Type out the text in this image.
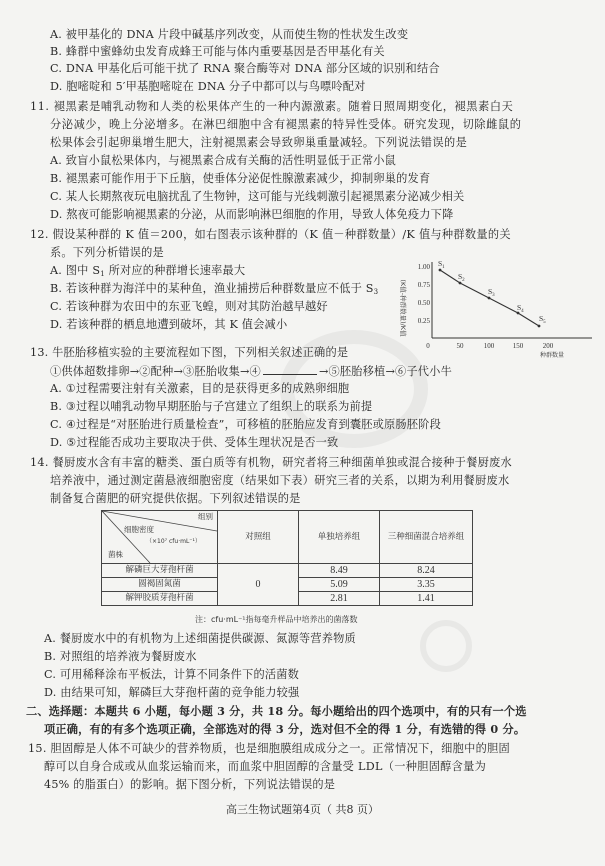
A. 被甲基化的 DNA 片段中碱基序列改变，从而使生物的性状发生改变
B. 蜂群中蜜蜂幼虫发育成蜂王可能与体内重要基因是否甲基化有关
C. DNA 甲基化后可能干扰了 RNA 聚合酶等对 DNA 部分区域的识别和结合
D. 胞嘧啶和 5′甲基胞嘧啶在 DNA 分子中都可以与鸟嘌呤配对
11. 褪黑素是哺乳动物和人类的松果体产生的一种内源激素。随着日照周期变化，褪黑素白天
分泌减少，晚上分泌增多。在淋巴细胞中含有褪黑素的特异性受体。研究发现，切除雌鼠的
松果体会引起卵巢增生肥大，注射褪黑素会导致卵巢重量减轻。下列说法错误的是
A. 致盲小鼠松果体内，与褪黑素合成有关酶的活性明显低于正常小鼠
B. 褪黑素可能作用于下丘脑，使垂体分泌促性腺激素减少，抑制卵巢的发育
C. 某人长期熬夜玩电脑扰乱了生物钟，这可能与光线刺激引起褪黑素分泌减少相关
D. 熬夜可能影响褪黑素的分泌，从而影响淋巴细胞的作用，导致人体免疫力下降
12. 假设某种群的 K 值＝200，如右图表示该种群的（K 值－种群数量）/K 值与种群数量的关
系。下列分析错误的是
A. 图中 $S_1$ 所对应的种群增长速率最大
B. 若该种群为海洋中的某种鱼，渔业捕捞后种群数量应不低于 $S_3$
C. 若该种群为农田中的东亚飞蝗，则对其防治越早越好
D. 若该种群的栖息地遭到破坏，其 K 值会减小	(K值-种群数量)/K值
1.00
0.75
0.50
0.25
0	50	100	150	200
种群数量
$S_1$
$S_2$
$S_3$
$S_4$
$S_5$
13. 牛胚胎移植实验的主要流程如下图，下列相关叙述正确的是
①供体超数排卵→②配种→③胚胎收集→④	→⑤胚胎移植→⑥子代小牛
A. ①过程需要注射有关激素，目的是获得更多的成熟卵细胞
B. ③过程以哺乳动物早期胚胎与子宫建立了组织上的联系为前提
C. ④过程是“对胚胎进行质量检查”，可移植的胚胎应发育到囊胚或原肠胚阶段
D. ⑤过程能否成功主要取决于供、受体生理状况是否一致
14. 餐厨废水含有丰富的糖类、蛋白质等有机物，研究者将三种细菌单独或混合接种于餐厨废水
培养液中，通过测定菌悬液细胞密度（结果如下表）研究三者的关系，以期为利用餐厨废水
制备复合菌肥的研究提供依据。下列叙述错误的是
组别
细胞密度
（×10⁷ cfu·mL⁻¹）
菌株	对照组	单独培养组	三种细菌混合培养组
解磷巨大芽孢杆菌	0	8.49	8.24
圆褐固氮菌		5.09	3.35
解钾胶质芽孢杆菌		2.81	1.41
注：cfu·mL⁻¹指每毫升样品中培养出的菌落数
A. 餐厨废水中的有机物为上述细菌提供碳源、氮源等营养物质
B. 对照组的培养液为餐厨废水
C. 可用稀释涂布平板法，计算不同条件下的活菌数
D. 由结果可知，解磷巨大芽孢杆菌的竞争能力较强
二、选择题：本题共 6 小题，每小题 3 分，共 18 分。每小题给出的四个选项中，有的只有一个选
项正确，有的有多个选项正确，全部选对的得 3 分，选对但不全的得 1 分，有选错的得 0 分。
15. 胆固醇是人体不可缺少的营养物质，也是细胞膜组成成分之一。正常情况下，细胞中的胆固
醇可以自身合成或从血浆运输而来，而血浆中胆固醇的含量受 LDL（一种胆固醇含量为
45% 的脂蛋白）的影响。据下图分析，下列说法错误的是
高三生物试题第4页（ 共8 页）
